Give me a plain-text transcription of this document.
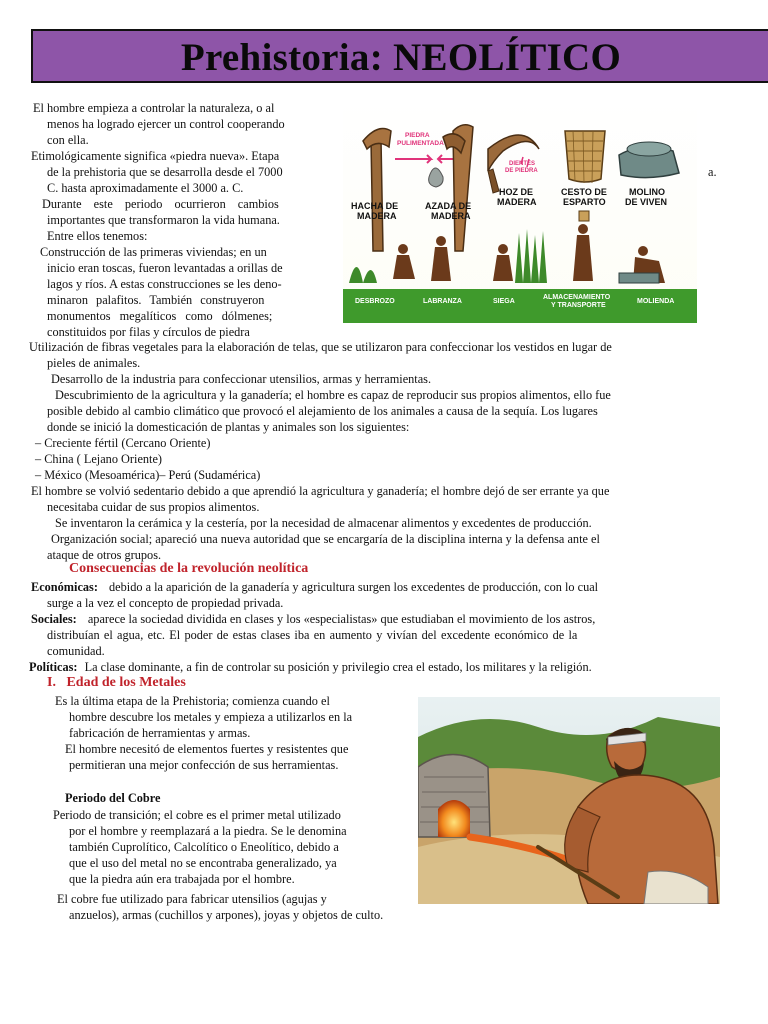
Prehistoria: NEOLÍTICO

El hombre empieza a controlar la naturaleza, o al

menos ha logrado ejercer un control cooperando

con ella.

Etimológicamente significa «piedra nueva». Etapa

de la prehistoria que se desarrolla desde el 7000	a.

C. hasta aproximadamente el 3000 a. C.

Durante este periodo ocurrieron cambios

importantes que transformaron la vida humana.

Entre ellos tenemos:

Construcción de las primeras viviendas; en un

inicio eran toscas, fueron levantadas a orillas de

lagos y ríos. A estas construcciones se les deno-

minaron palafitos. También construyeron

monumentos megalíticos como dólmenes;

constituidos por filas y círculos de piedra

PIEDRA
PULIMENTADA
DIENTES
DE PIEDRA
HACHA DE
MADERA
AZADA DE
MADERA
HOZ DE
MADERA
CESTO DE
ESPARTO
MOLINO
DE VIVEN
DESBROZO	LABRANZA	SIEGA
ALMACENAMIENTO
Y TRANSPORTE
MOLIENDA

Utilización de fibras vegetales para la elaboración de telas, que se utilizaron para confeccionar los vestidos en lugar de

pieles de animales.

Desarrollo de la industria para confeccionar utensilios, armas y herramientas.

Descubrimiento de la agricultura y la ganadería; el hombre es capaz de reproducir sus propios alimentos, ello fue

posible debido al cambio climático que provocó el alejamiento de los animales a causa de la sequía. Los lugares

donde se inició la domesticación de plantas y animales son los siguientes:

– Creciente fértil (Cercano Oriente)

– China ( Lejano Oriente)

– México (Mesoamérica)– Perú (Sudamérica)

El hombre se volvió sedentario debido a que aprendió la agricultura y ganadería; el hombre dejó de ser errante ya que

necesitaba cuidar de sus propios alimentos.

Se inventaron la cerámica y la cestería, por la necesidad de almacenar alimentos y excedentes de producción.

Organización social; apareció una nueva autoridad que se encargaría de la disciplina interna y la defensa ante el

ataque de otros grupos.

Consecuencias de la revolución neolítica

Económicas: debido a la aparición de la ganadería y agricultura surgen los excedentes de producción, con lo cual

surge a la vez el concepto de propiedad privada.

Sociales: aparece la sociedad dividida en clases y los «especialistas» que estudiaban el movimiento de los astros,

distribuían el agua, etc. El poder de estas clases iba en aumento y vivían del excedente económico de la

comunidad.

Políticas: La clase dominante, a fin de controlar su posición y privilegio crea el estado, los militares y la religión.

I.   Edad de los Metales

Es la última etapa de la Prehistoria; comienza cuando el

hombre descubre los metales y empieza a utilizarlos en la

fabricación de herramientas y armas.

El hombre necesitó de elementos fuertes y resistentes que

permitieran una mejor confección de sus herramientas.

Periodo del Cobre

Periodo de transición; el cobre es el primer metal utilizado

por el hombre y reemplazará a la piedra. Se le denomina

también Cuprolítico, Calcolítico o Eneolítico, debido a

que el uso del metal no se encontraba generalizado, ya

que la piedra aún era trabajada por el hombre.

El cobre fue utilizado para fabricar utensilios (agujas y

anzuelos), armas (cuchillos y arpones), joyas y objetos de culto.
